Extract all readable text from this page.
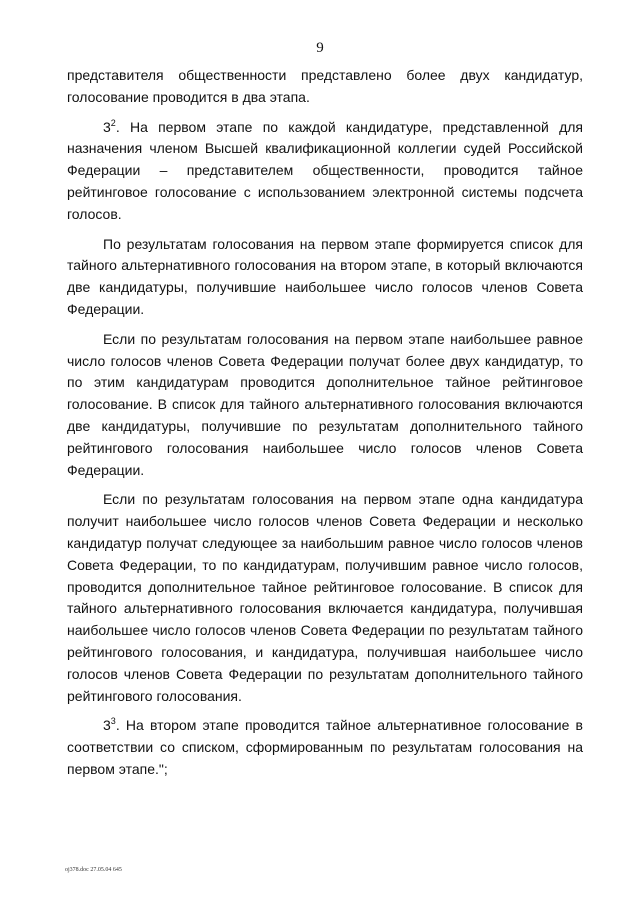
9

представителя общественности представлено более двух кандидатур, голосование проводится в два этапа.

$3^2$. На первом этапе по каждой кандидатуре, представленной для назначения членом Высшей квалификационной коллегии судей Российской Федерации – представителем общественности, проводится тайное рейтинговое голосование с использованием электронной системы подсчета голосов.

По результатам голосования на первом этапе формируется список для тайного альтернативного голосования на втором этапе, в который включаются две кандидатуры, получившие наибольшее число голосов членов Совета Федерации.

Если по результатам голосования на первом этапе наибольшее равное число голосов членов Совета Федерации получат более двух кандидатур, то по этим кандидатурам проводится дополнительное тайное рейтинговое голосование. В список для тайного альтернативного голосования включаются две кандидатуры, получившие по результатам дополнительного тайного рейтингового голосования наибольшее число голосов членов Совета Федерации.

Если по результатам голосования на первом этапе одна кандидатура получит наибольшее число голосов членов Совета Федерации и несколько кандидатур получат следующее за наибольшим равное число голосов членов Совета Федерации, то по кандидатурам, получившим равное число голосов, проводится дополнительное тайное рейтинговое голосование. В список для тайного альтернативного голосования включается кандидатура, получившая наибольшее число голосов членов Совета Федерации по результатам тайного рейтингового голосования, и кандидатура, получившая наибольшее число голосов членов Совета Федерации по результатам дополнительного тайного рейтингового голосования.

$3^3$. На втором этапе проводится тайное альтернативное голосование в соответствии со списком, сформированным по результатам голосования на первом этапе.";

oj378.doc 27.05.04 645
